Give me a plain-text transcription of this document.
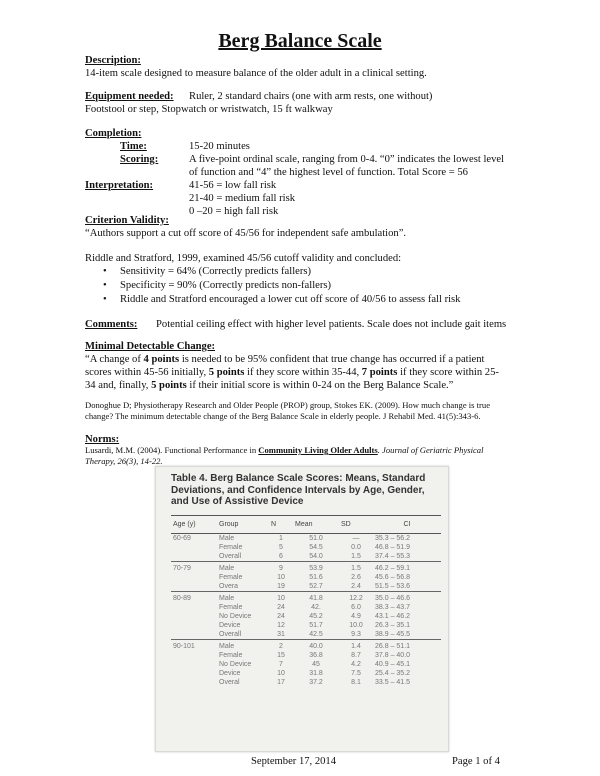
Berg Balance Scale
Description:
14-item scale designed to measure balance of the older adult in a clinical setting.
Equipment needed: Ruler, 2 standard chairs (one with arm rests, one without)
Footstool or step, Stopwatch or wristwatch, 15 ft walkway
Completion:
Time:	15-20 minutes
Scoring:	A five-point ordinal scale, ranging from 0-4. “0” indicates the lowest level
of function and “4” the highest level of function. Total Score = 56
Interpretation:	41-56 = low fall risk
21-40 = medium fall risk
0 –20 = high fall risk
Criterion Validity:
“Authors support a cut off score of 45/56 for independent safe ambulation”.
Riddle and Stratford, 1999, examined 45/56 cutoff validity and concluded:
• Sensitivity = 64% (Correctly predicts fallers)
• Specificity = 90% (Correctly predicts non-fallers)
• Riddle and Stratford encouraged a lower cut off score of 40/56 to assess fall risk
Comments: Potential ceiling effect with higher level patients. Scale does not include gait items
Minimal Detectable Change:
“A change of 4 points is needed to be 95% confident that true change has occurred if a patient
scores within 45-56 initially, 5 points if they score within 35-44, 7 points if they score within 25-
34 and, finally, 5 points if their initial score is within 0-24 on the Berg Balance Scale.”
Donoghue D; Physiotherapy Research and Older People (PROP) group, Stokes EK. (2009). How much change is true
change? The minimum detectable change of the Berg Balance Scale in elderly people. J Rehabil Med. 41(5):343-6.
Norms:
Lusardi, M.M. (2004). Functional Performance in Community Living Older Adults. Journal of Geriatric Physical
Therapy, 26(3), 14-22.
Table 4. Berg Balance Scale Scores: Means, Standard
Deviations, and Confidence Intervals by Age, Gender,
and Use of Assistive Device
Age (y)	Group	N	Mean	SD	CI
60-69	Male	1	51.0	—	35.3 – 56.2
	Female	5	54.5	0.0	46.8 – 51.9
	Overall	6	54.0	1.5	37.4 – 55.3
70-79	Male	9	53.9	1.5	46.2 – 59.1
	Female	10	51.6	2.6	45.6 – 56.8
	Overa	19	52.7	2.4	51.5 – 53.6
80-89	Male	10	41.8	12.2	35.0 – 46.6
	Female	24	42.	6.0	38.3 – 43.7
	No Device	24	45.2	4.9	43.1 – 46.2
	Device	12	51.7	10.0	26.3 – 35.1
	Overall	31	42.5	9.3	38.9 – 45.5
90-101	Male	2	40.0	1.4	26.8 – 51.1
	Female	15	36.8	8.7	37.8 – 40.0
	No Device	7	45	4.2	40.9 – 45.1
	Device	10	31.8	7.5	25.4 – 35.2
	Overal	17	37.2	8.1	33.5 – 41.5
September 17, 2014	Page 1 of 4
